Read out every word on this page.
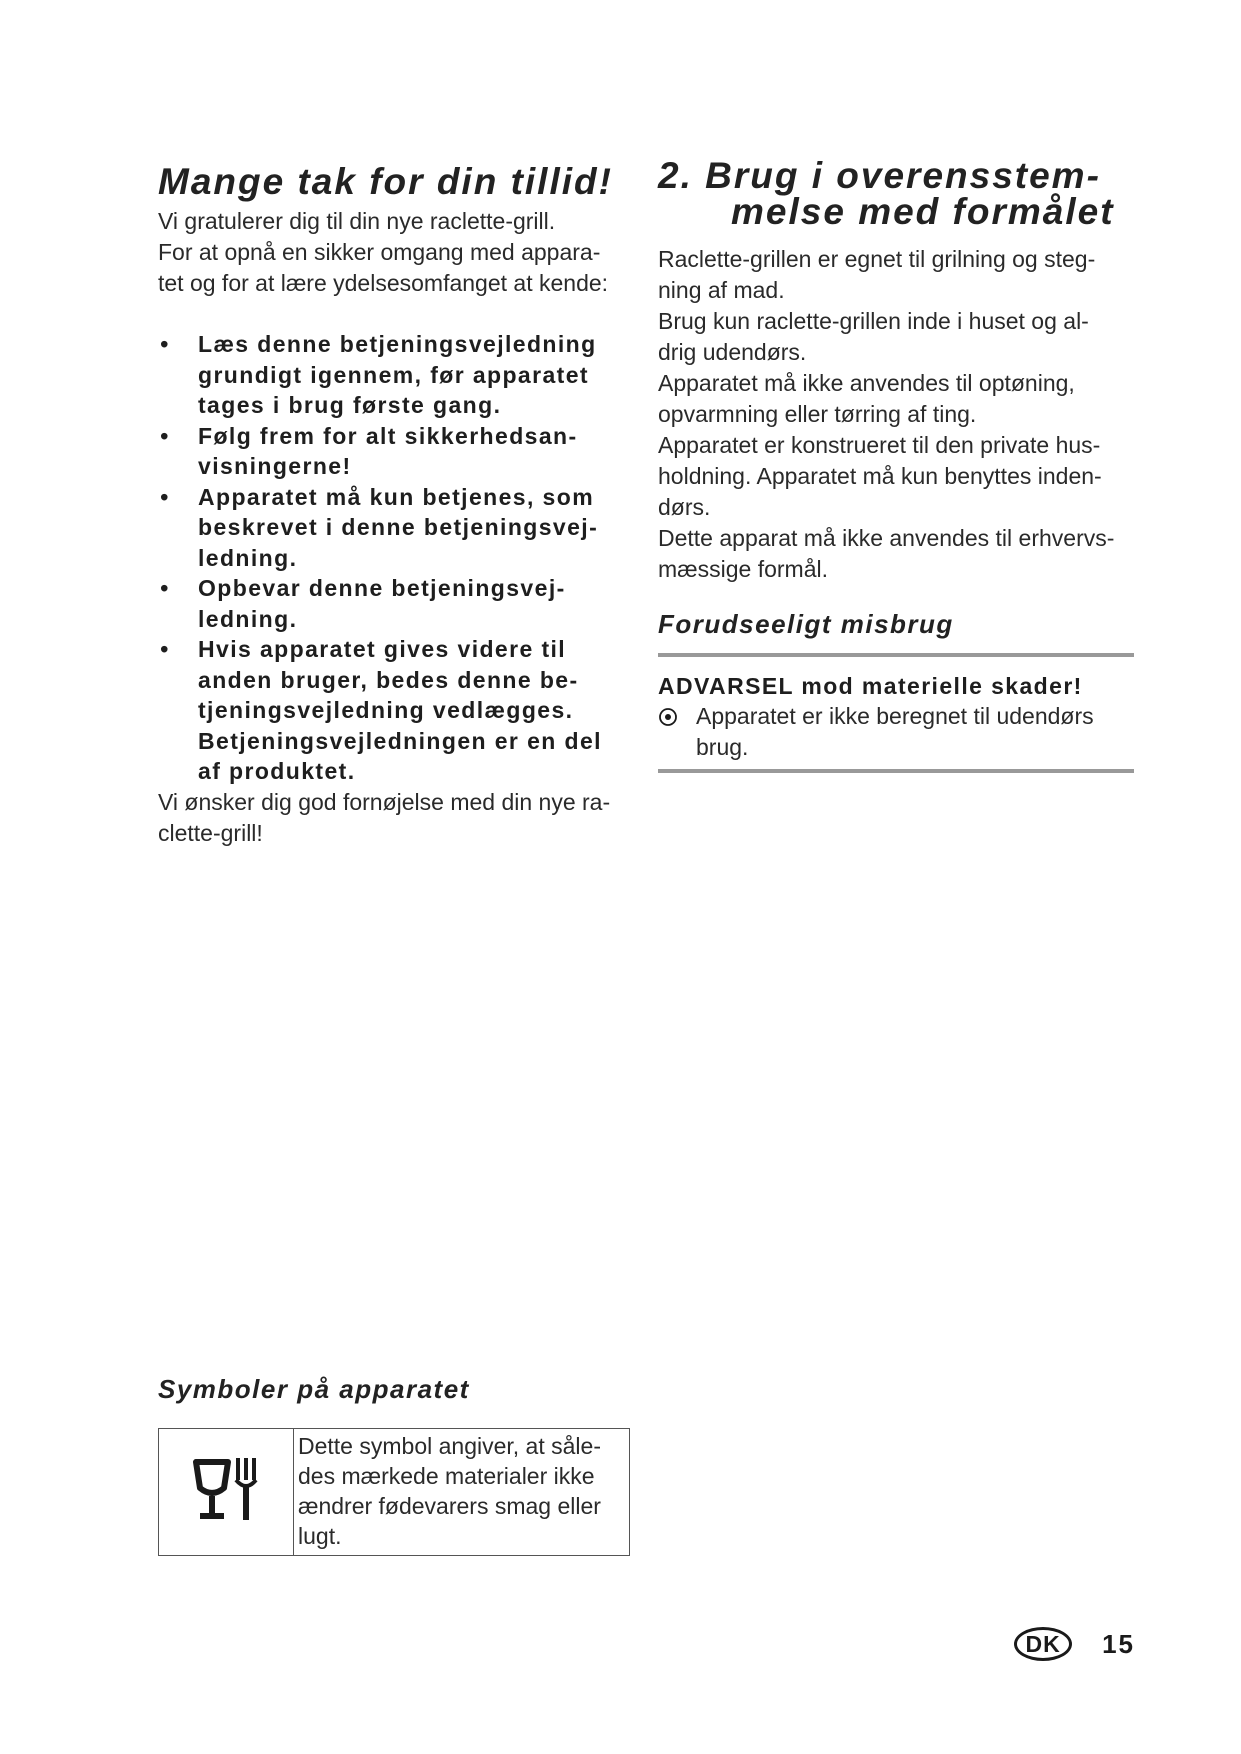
Mange tak for din tillid!

Vi gratulerer dig til din nye raclette-grill.

For at opnå en sikker omgang med appara-
tet og for at lære ydelsesomfanget at kende:

• Læs denne betjeningsvejledning
grundigt igennem, før apparatet
tages i brug første gang.
• Følg frem for alt sikkerhedsan-
visningerne!
• Apparatet må kun betjenes, som
beskrevet i denne betjeningsvej-
ledning.
• Opbevar denne betjeningsvej-
ledning.
• Hvis apparatet gives videre til
anden bruger, bedes denne be-
tjeningsvejledning vedlægges.
Betjeningsvejledningen er en del
af produktet.

Vi ønsker dig god fornøjelse med din nye ra-
clette-grill!

2. Brug i overensstem-
melse med formålet

Raclette-grillen er egnet til grilning og steg-
ning af mad.

Brug kun raclette-grillen inde i huset og al-
drig udendørs.

Apparatet må ikke anvendes til optøning,
opvarmning eller tørring af ting.

Apparatet er konstrueret til den private hus-
holdning. Apparatet må kun benyttes inden-
dørs.

Dette apparat må ikke anvendes til erhvervs-
mæssige formål.

Forudseeligt misbrug
ADVARSEL mod materielle skader!

Apparatet er ikke beregnet til udendørs
brug.

Symboler på apparatet

Dette symbol angiver, at såle-
des mærkede materialer ikke
ændrer fødevarers smag eller
lugt.

DK	15
